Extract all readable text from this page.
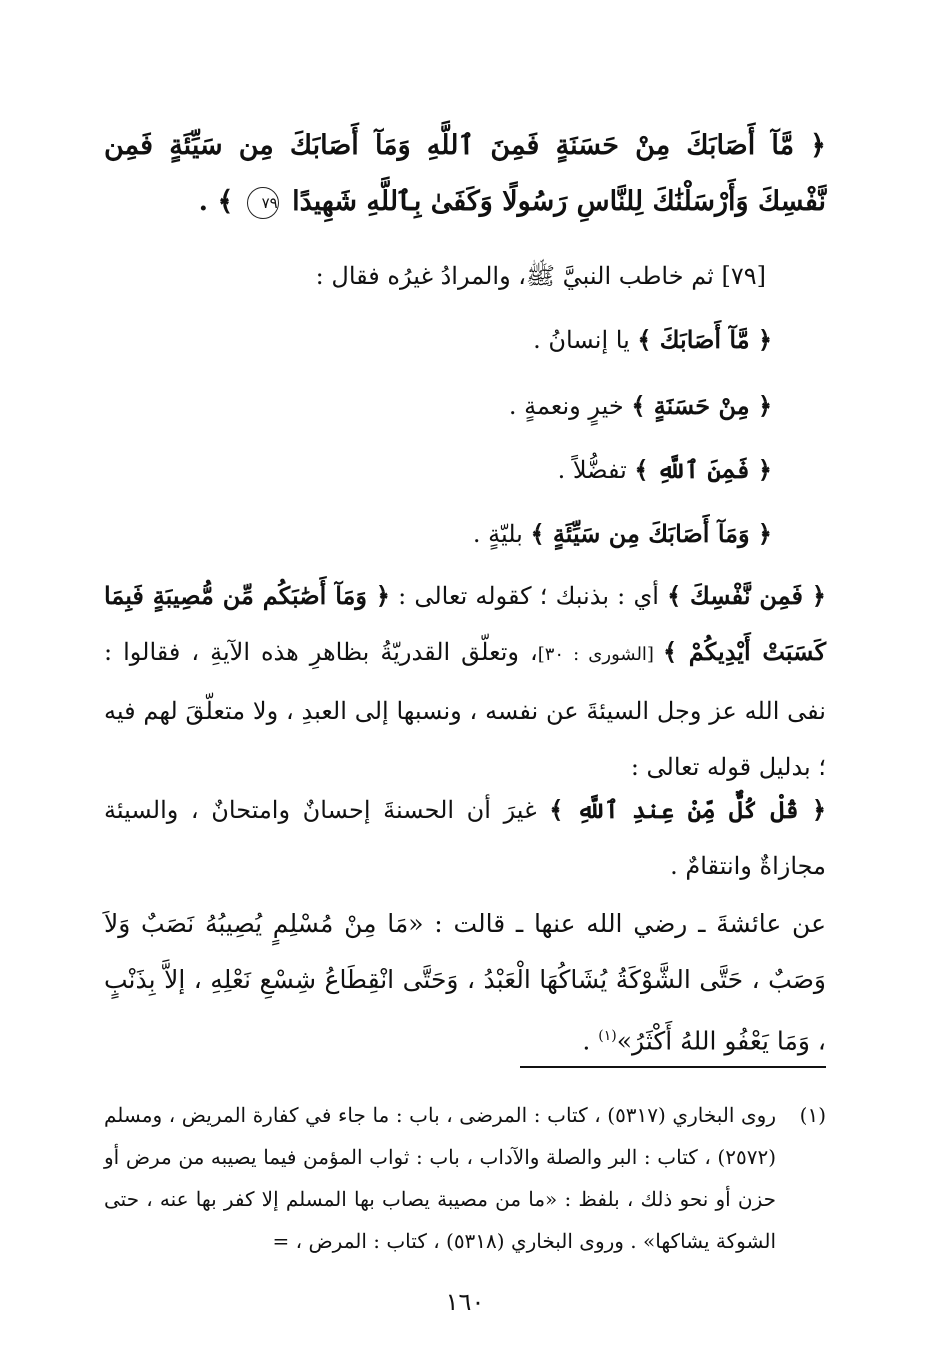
﴿ مَّآ أَصَابَكَ مِنْ حَسَنَةٍ فَمِنَ ٱللَّهِ وَمَآ أَصَابَكَ مِن سَيِّئَةٍ فَمِن نَّفْسِكَ وَأَرْسَلْنَٰكَ لِلنَّاسِ رَسُولًا وَكَفَىٰ بِٱللَّهِ شَهِيدًا ٧٩ ﴾ .
[٧٩] ثم خاطب النبيَّ ﷺ، والمرادُ غيرُه فقال :
﴿ مَّآ أَصَابَكَ ﴾ يا إنسانُ .
﴿ مِنْ حَسَنَةٍ ﴾ خيرٍ ونعمةٍ .
﴿ فَمِنَ ٱللَّهِ ﴾ تفضُّلاً .
﴿ وَمَآ أَصَابَكَ مِن سَيِّئَةٍ ﴾ بليّةٍ .
﴿ فَمِن نَّفْسِكَ ﴾ أي : بذنبك ؛ كقوله تعالى : ﴿ وَمَآ أَصَٰبَكُم مِّن مُّصِيبَةٍ فَبِمَا كَسَبَتْ أَيْدِيكُمْ ﴾ [الشورى : ٣٠]، وتعلّق القدريّةُ بظاهرِ هذه الآيةِ ، فقالوا : نفى الله عز وجل السيئةَ عن نفسه ، ونسبها إلى العبدِ ، ولا متعلّقَ لهم فيه ؛ بدليل قوله تعالى :
﴿ قُلْ كُلٌّ مِّنْ عِندِ ٱللَّهِ ﴾ غيرَ أن الحسنةَ إحسانٌ وامتحانٌ ، والسيئة مجازاةٌ وانتقامٌ .
عن عائشةَ ـ رضي الله عنها ـ قالت : «مَا مِنْ مُسْلِمٍ يُصِيبُهُ نَصَبٌ وَلاَ وَصَبٌ ، حَتَّى الشَّوْكَةُ يُشَاكُهَا الْعَبْدُ ، وَحَتَّى انْقِطَاعُ شِسْعِ نَعْلِهِ ، إلاَّ بِذَنْبٍ ، وَمَا يَعْفُو اللهُ أَكْثَرُ»$^{(١)}$ .
(١)
روى البخاري (٥٣١٧) ، كتاب : المرضى ، باب : ما جاء في كفارة المريض ، ومسلم (٢٥٧٢) ، كتاب : البر والصلة والآداب ، باب : ثواب المؤمن فيما يصيبه من مرض أو حزن أو نحو ذلك ، بلفظ : «ما من مصيبة يصاب بها المسلم إلا كفر بها عنه ، حتى الشوكة يشاكها» . وروى البخاري (٥٣١٨) ، كتاب : المرض ، =
١٦٠
